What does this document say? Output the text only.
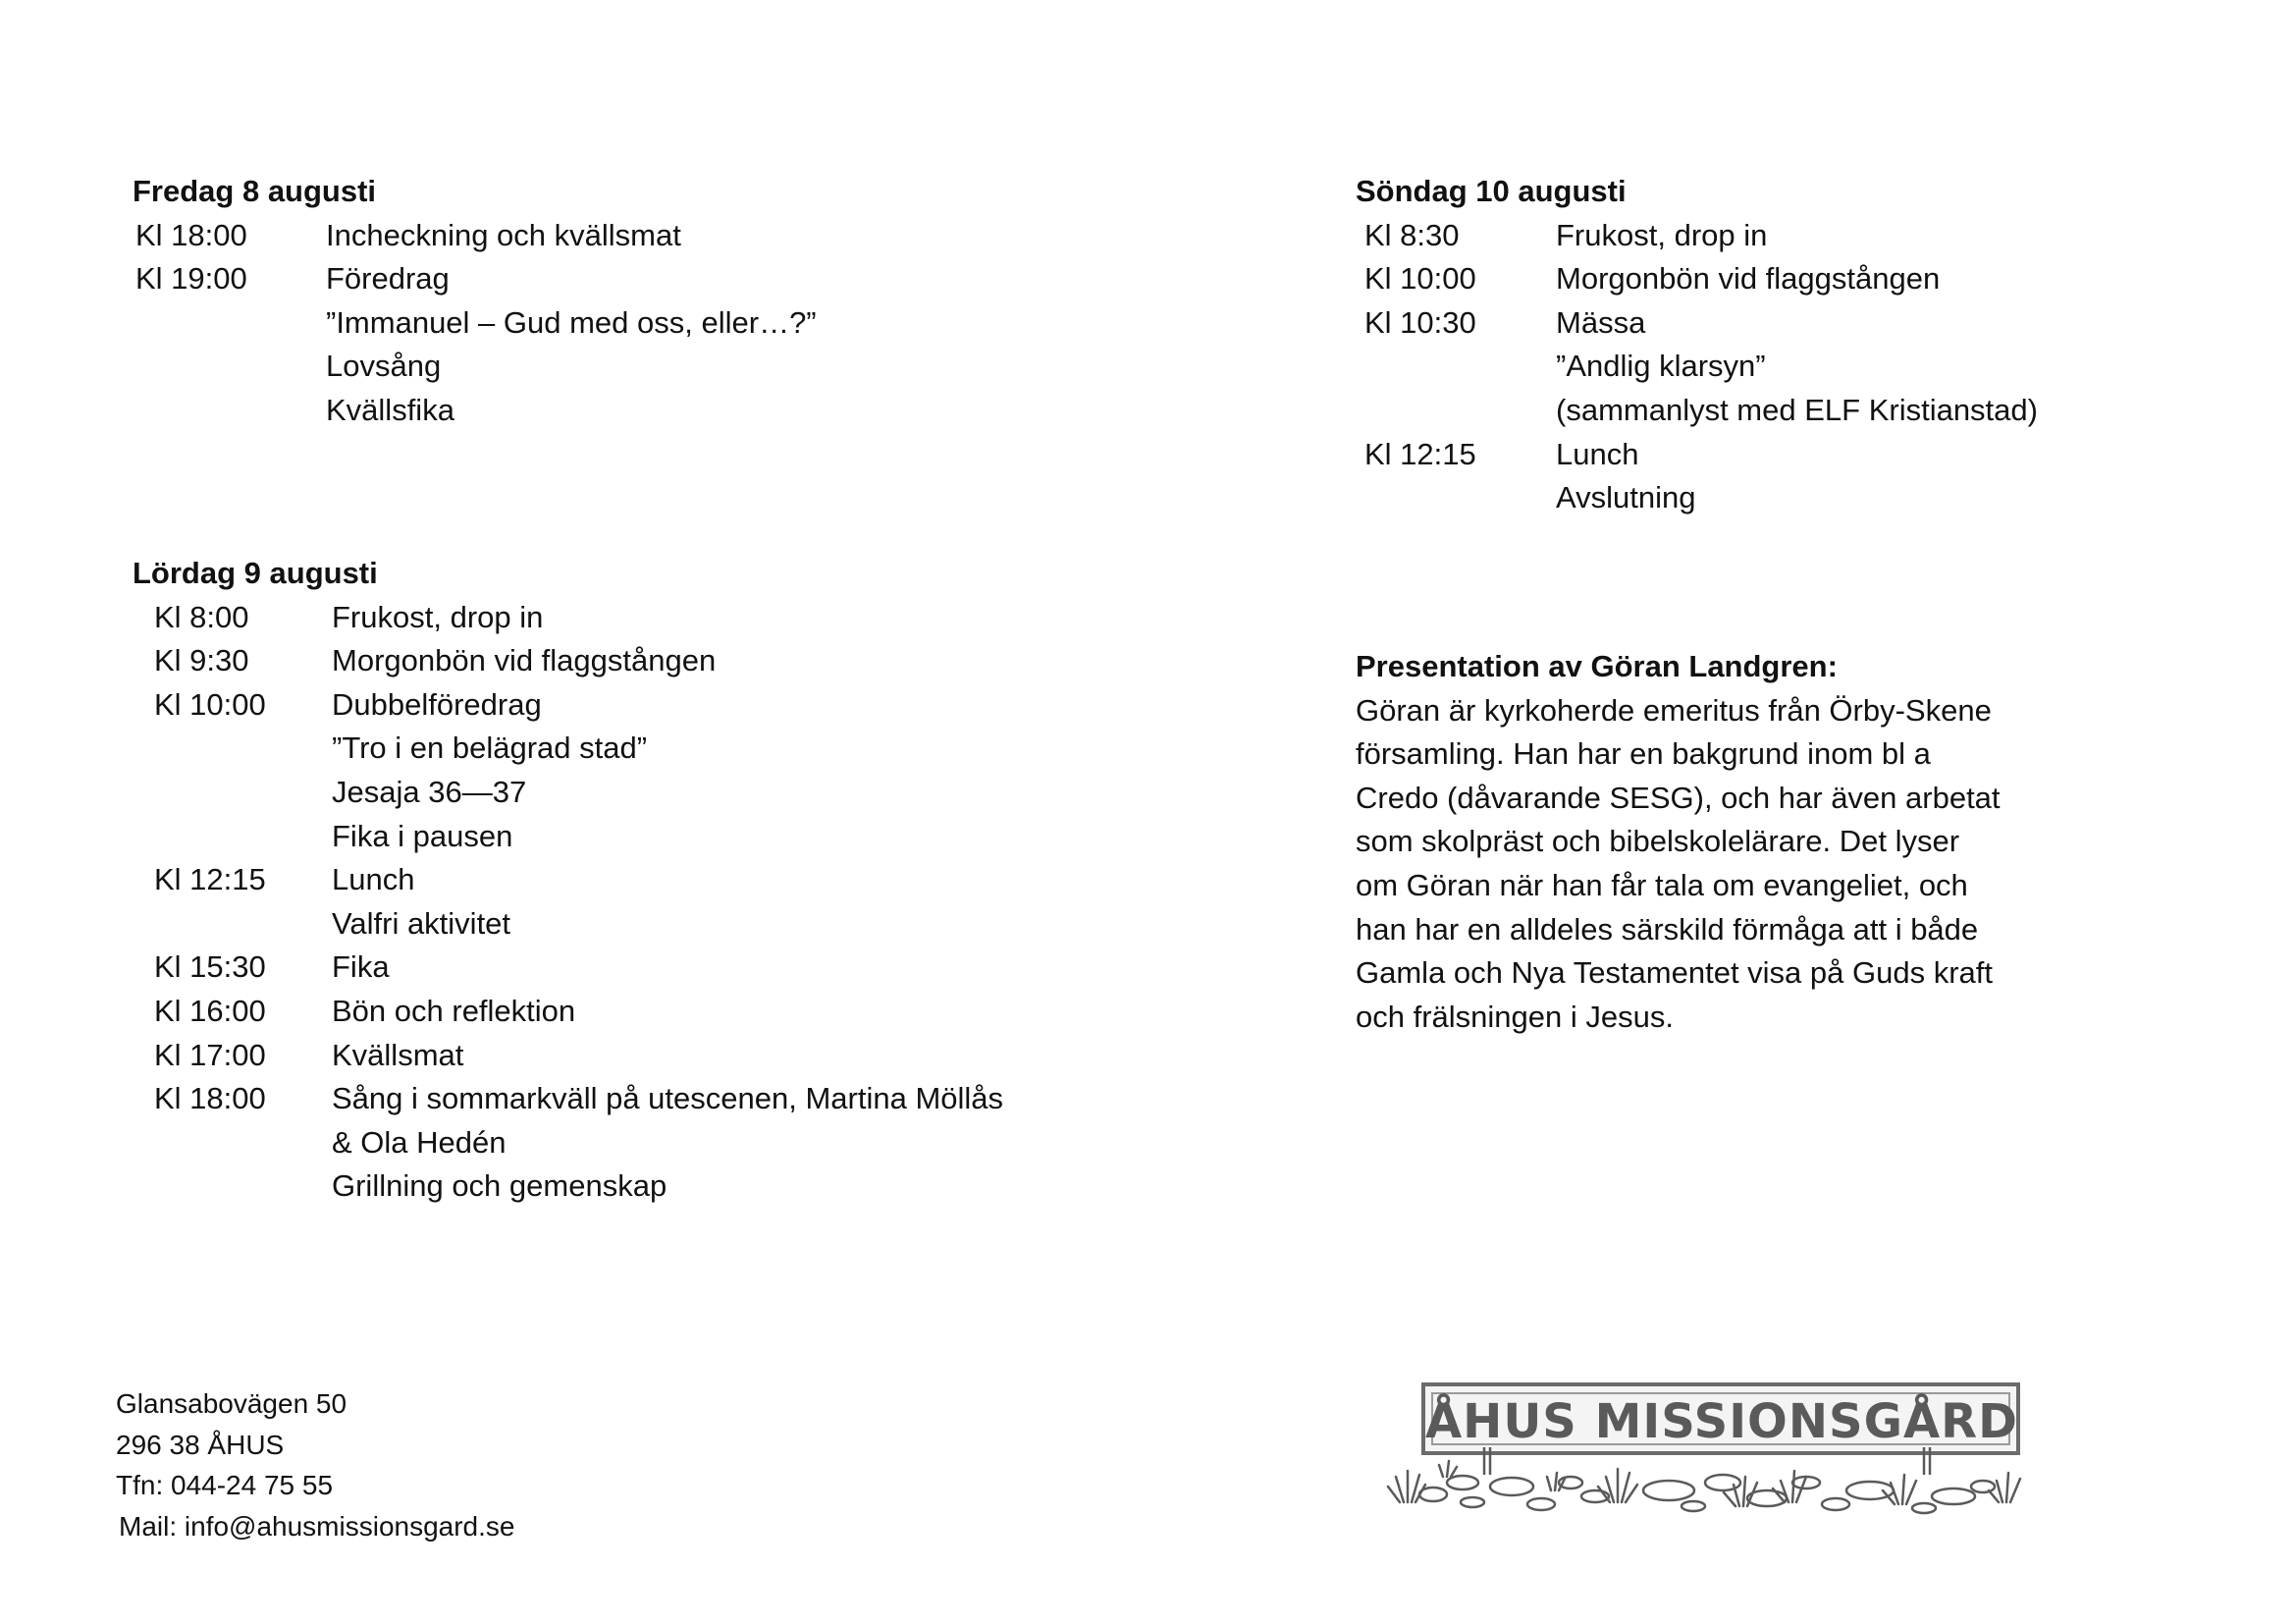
Fredag 8 augusti
Kl 18:00	Incheckning och kvällsmat
Kl 19:00	Föredrag
”Immanuel – Gud med oss, eller…?”
Lovsång
Kvällsfika
Lördag 9 augusti
Kl 8:00	Frukost, drop in
Kl 9:30	Morgonbön vid flaggstången
Kl 10:00 Dubbelföredrag
”Tro i en belägrad stad”
Jesaja 36—37
Fika i pausen
Kl 12:15 Lunch
Valfri aktivitet
Kl 15:30 Fika
Kl 16:00 Bön och reflektion
Kl 17:00 Kvällsmat
Kl 18:00 Sång i sommarkväll på utescenen, Martina Möllås
& Ola Hedén
Grillning och gemenskap
Söndag 10 augusti
Kl 8:30	Frukost, drop in
Kl 10:00	Morgonbön vid flaggstången
Kl 10:30	Mässa
”Andlig klarsyn”
(sammanlyst med ELF Kristianstad)
Kl 12:15	Lunch
Avslutning
Presentation av Göran Landgren:
Göran är kyrkoherde emeritus från Örby-Skene
församling. Han har en bakgrund inom bl a
Credo (dåvarande SESG), och har även arbetat
som skolpräst och bibelskolelärare. Det lyser
om Göran när han får tala om evangeliet, och
han har en alldeles särskild förmåga att i både
Gamla och Nya Testamentet visa på Guds kraft
och frälsningen i Jesus.
Glansabovägen 50
296 38 ÅHUS
Tfn: 044-24 75 55
Mail: info@ahusmissionsgard.se
ÅHUS MISSIONSGÅRD
